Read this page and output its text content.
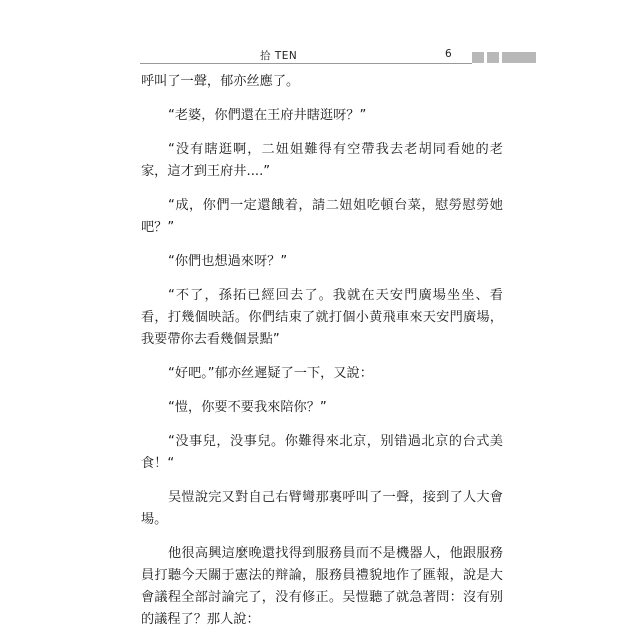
拾 TEN	6

呼叫了一聲，郁亦丝應了。

“老婆，你們還在王府井瞎逛呀？”

“没有瞎逛啊，二妞姐難得有空帶我去老胡同看她的老家，這才到王府井....”

“成，你們一定還餓着，請二妞姐吃頓台菜，慰勞慰勞她吧？”

“你們也想過來呀？”

“不了，孫拓已經回去了。我就在天安門廣場坐坐、看看，打幾個映話。你們结束了就打個小黄飛車來天安門廣場，我要帶你去看幾個景點”

“好吧。”郁亦丝遲疑了一下，又說：

“愷，你要不要我來陪你？”

“没事兒，没事兒。你難得來北京，别错過北京的台式美食！“

吴愷說完又對自己右臂彎那裏呼叫了一聲，接到了人大會場。

他很高興這麼晚還找得到服務員而不是機器人，他跟服務員打聽今天關于憲法的辩論，服務員禮貌地作了匯報，說是大會議程全部討論完了，没有修正。吴愷聽了就急著問：沒有别的議程了？那人說：
